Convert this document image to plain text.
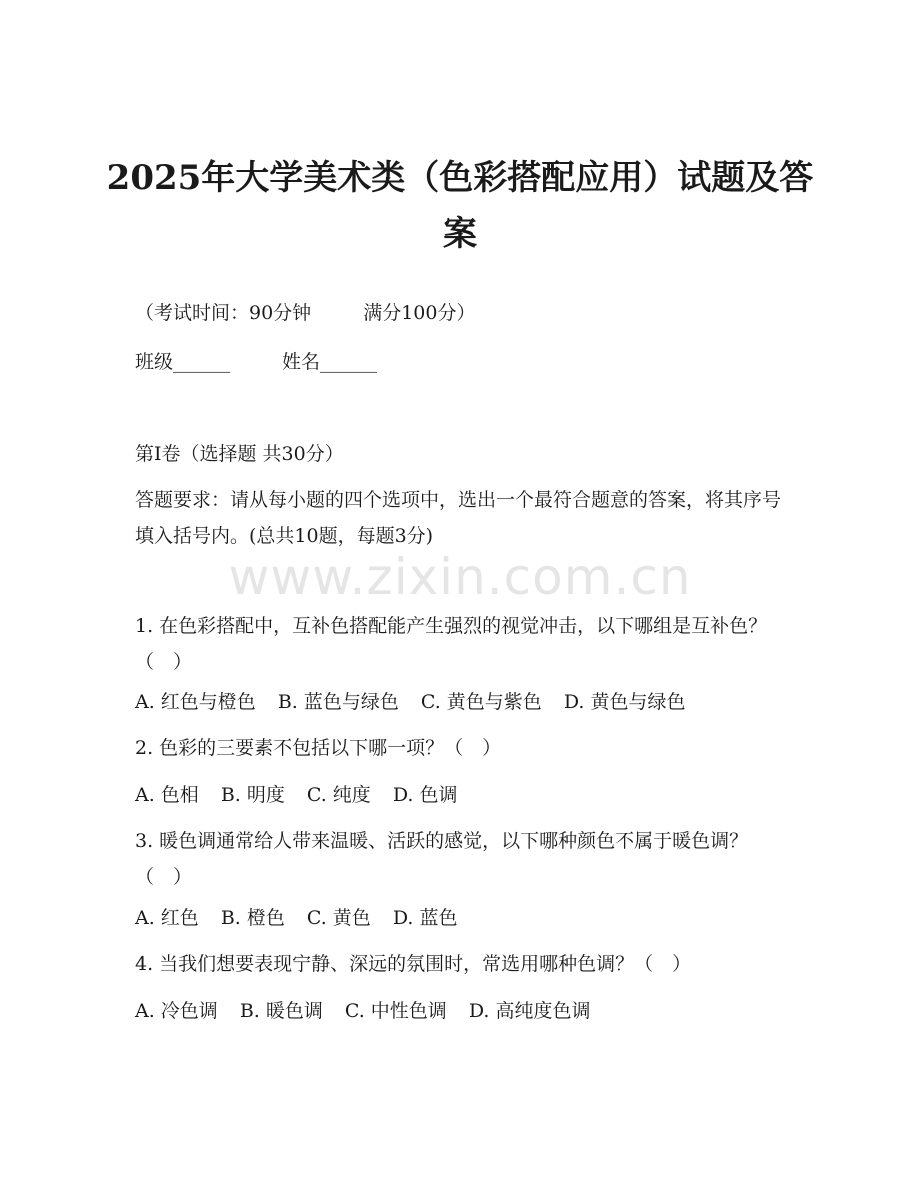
2025年大学美术类（色彩搭配应用）试题及答案

（考试时间：90分钟	满分100分）

班级______	姓名______

第I卷（选择题 共30分）

答题要求：请从每小题的四个选项中，选出一个最符合题意的答案，将其序号填入括号内。(总共10题，每题3分)

www.zixin.com.cn

1. 在色彩搭配中，互补色搭配能产生强烈的视觉冲击，以下哪组是互补色？（　）

A. 红色与橙色 B. 蓝色与绿色 C. 黄色与紫色 D. 黄色与绿色

2. 色彩的三要素不包括以下哪一项？（　）

A. 色相 B. 明度 C. 纯度 D. 色调

3. 暖色调通常给人带来温暖、活跃的感觉，以下哪种颜色不属于暖色调？（　）

A. 红色 B. 橙色 C. 黄色 D. 蓝色

4. 当我们想要表现宁静、深远的氛围时，常选用哪种色调？（　）

A. 冷色调 B. 暖色调 C. 中性色调 D. 高纯度色调
